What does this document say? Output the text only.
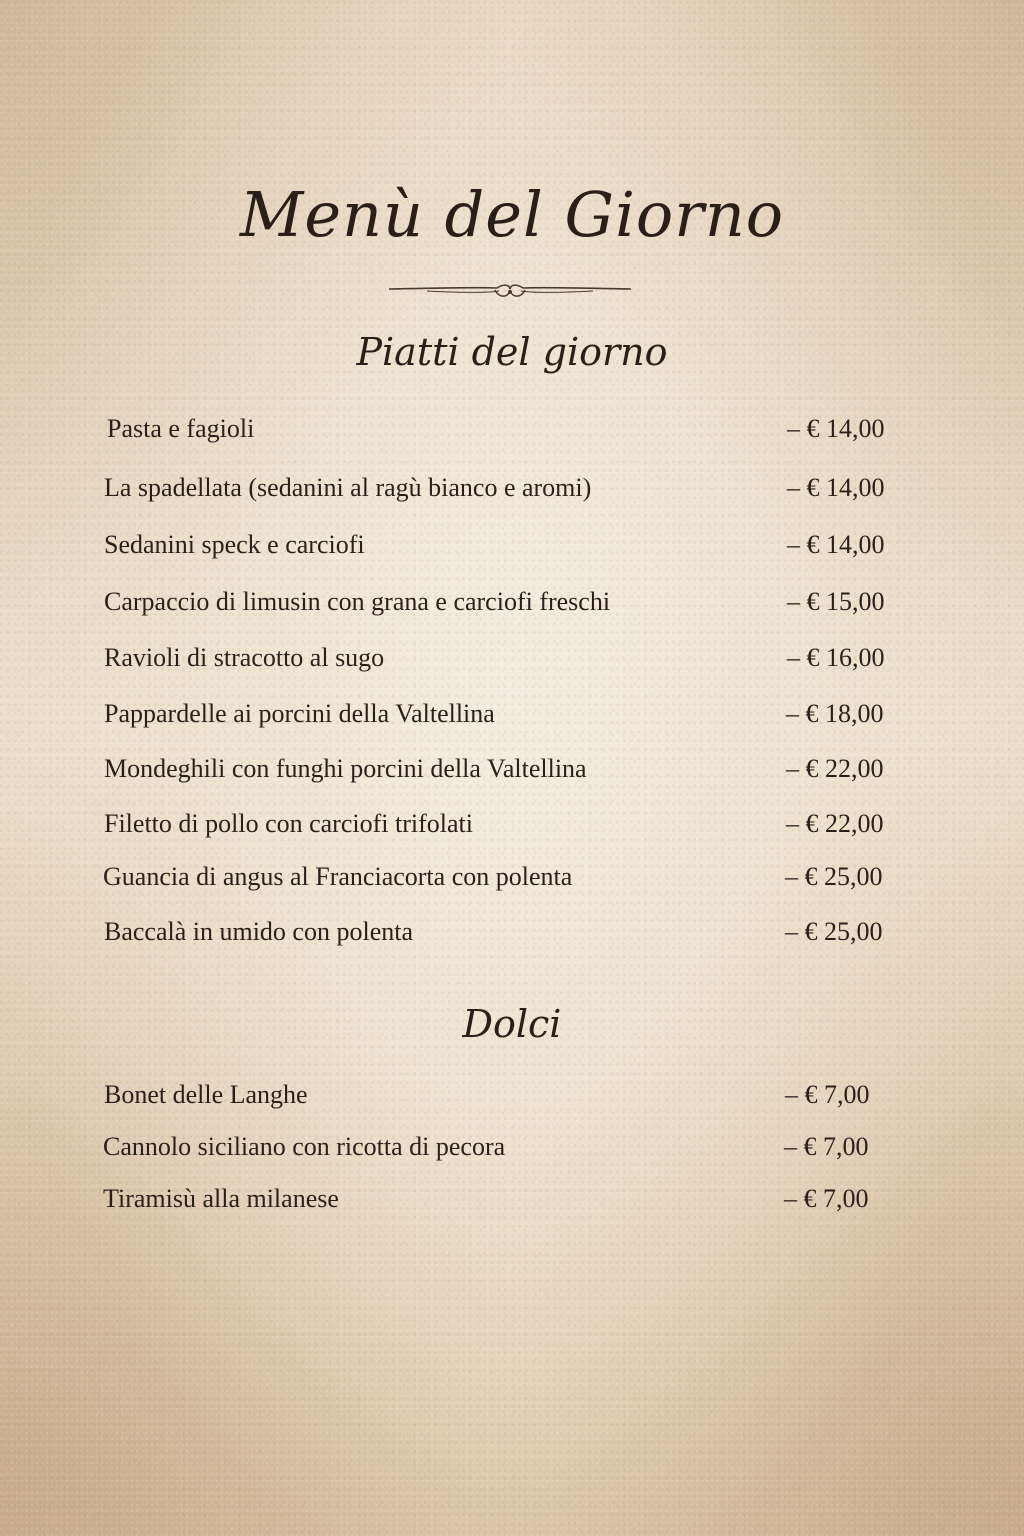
Menù del Giorno
Piatti del giorno
Pasta e fagioli	– € 14,00
La spadellata (sedanini al ragù bianco e aromi)	– € 14,00
Sedanini speck e carciofi	– € 14,00
Carpaccio di limusin con grana e carciofi freschi	– € 15,00
Ravioli di stracotto al sugo	– € 16,00
Pappardelle ai porcini della Valtellina	– € 18,00
Mondeghili con funghi porcini della Valtellina	– € 22,00
Filetto di pollo con carciofi trifolati	– € 22,00
Guancia di angus al Franciacorta con polenta	– € 25,00
Baccalà in umido con polenta	– € 25,00
Bonet delle Langhe	– € 7,00
Cannolo siciliano con ricotta di pecora	– € 7,00
Tiramisù alla milanese	– € 7,00
Dolci
